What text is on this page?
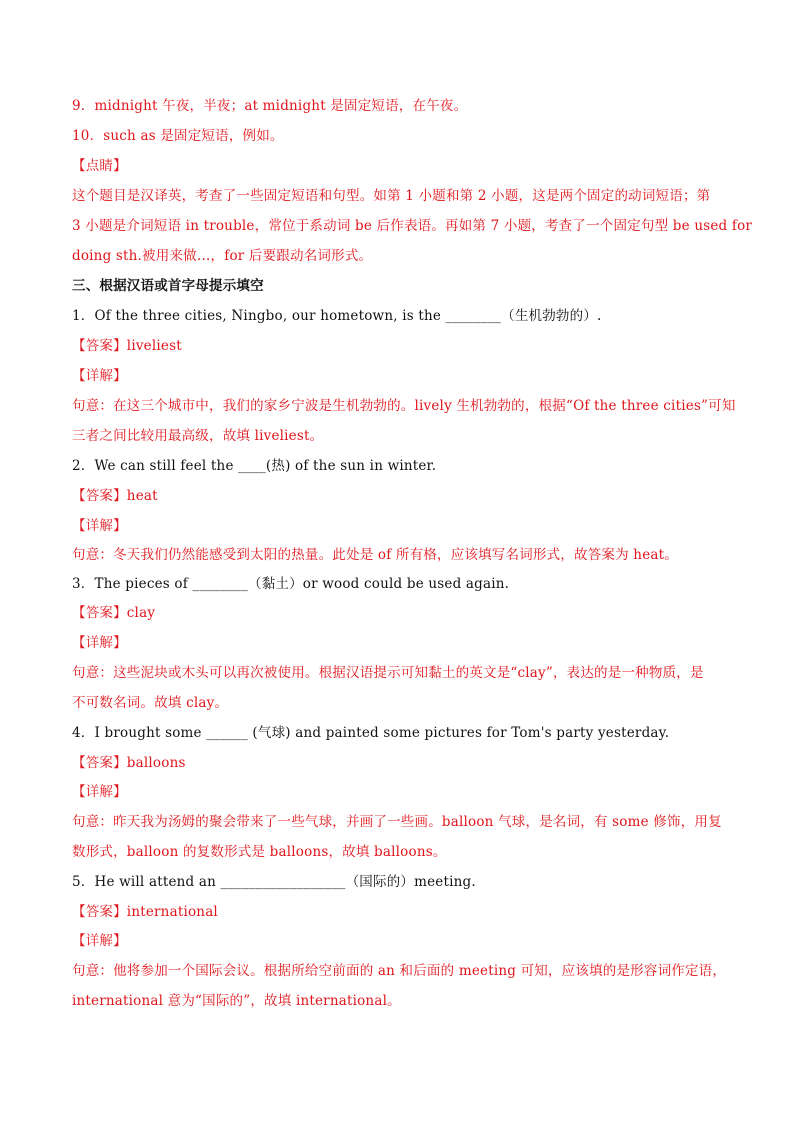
9．midnight 午夜，半夜；at midnight 是固定短语，在午夜。
10．such as 是固定短语，例如。
【点睛】
这个题目是汉译英，考查了一些固定短语和句型。如第 1 小题和第 2 小题，这是两个固定的动词短语；第
3 小题是介词短语 in trouble，常位于系动词 be 后作表语。再如第 7 小题，考查了一个固定句型 be used for
doing sth.被用来做…，for 后要跟动名词形式。
三、根据汉语或首字母提示填空
1．Of the three cities, Ningbo, our hometown, is the ________（生机勃勃的）.
【答案】liveliest
【详解】
句意：在这三个城市中，我们的家乡宁波是生机勃勃的。lively 生机勃勃的，根据“Of the three cities”可知
三者之间比较用最高级，故填 liveliest。
2．We can still feel the ____(热) of the sun in winter.
【答案】heat
【详解】
句意：冬天我们仍然能感受到太阳的热量。此处是 of 所有格，应该填写名词形式，故答案为 heat。
3．The pieces of ________（黏土）or wood could be used again.
【答案】clay
【详解】
句意：这些泥块或木头可以再次被使用。根据汉语提示可知黏土的英文是“clay”，表达的是一种物质，是
不可数名词。故填 clay。
4．I brought some ______ (气球) and painted some pictures for Tom's party yesterday.
【答案】balloons
【详解】
句意：昨天我为汤姆的聚会带来了一些气球，并画了一些画。balloon 气球，是名词，有 some 修饰，用复
数形式，balloon 的复数形式是 balloons，故填 balloons。
5．He will attend an __________________（国际的）meeting.
【答案】international
【详解】
句意：他将参加一个国际会议。根据所给空前面的 an 和后面的 meeting 可知，应该填的是形容词作定语，
international 意为“国际的”，故填 international。
